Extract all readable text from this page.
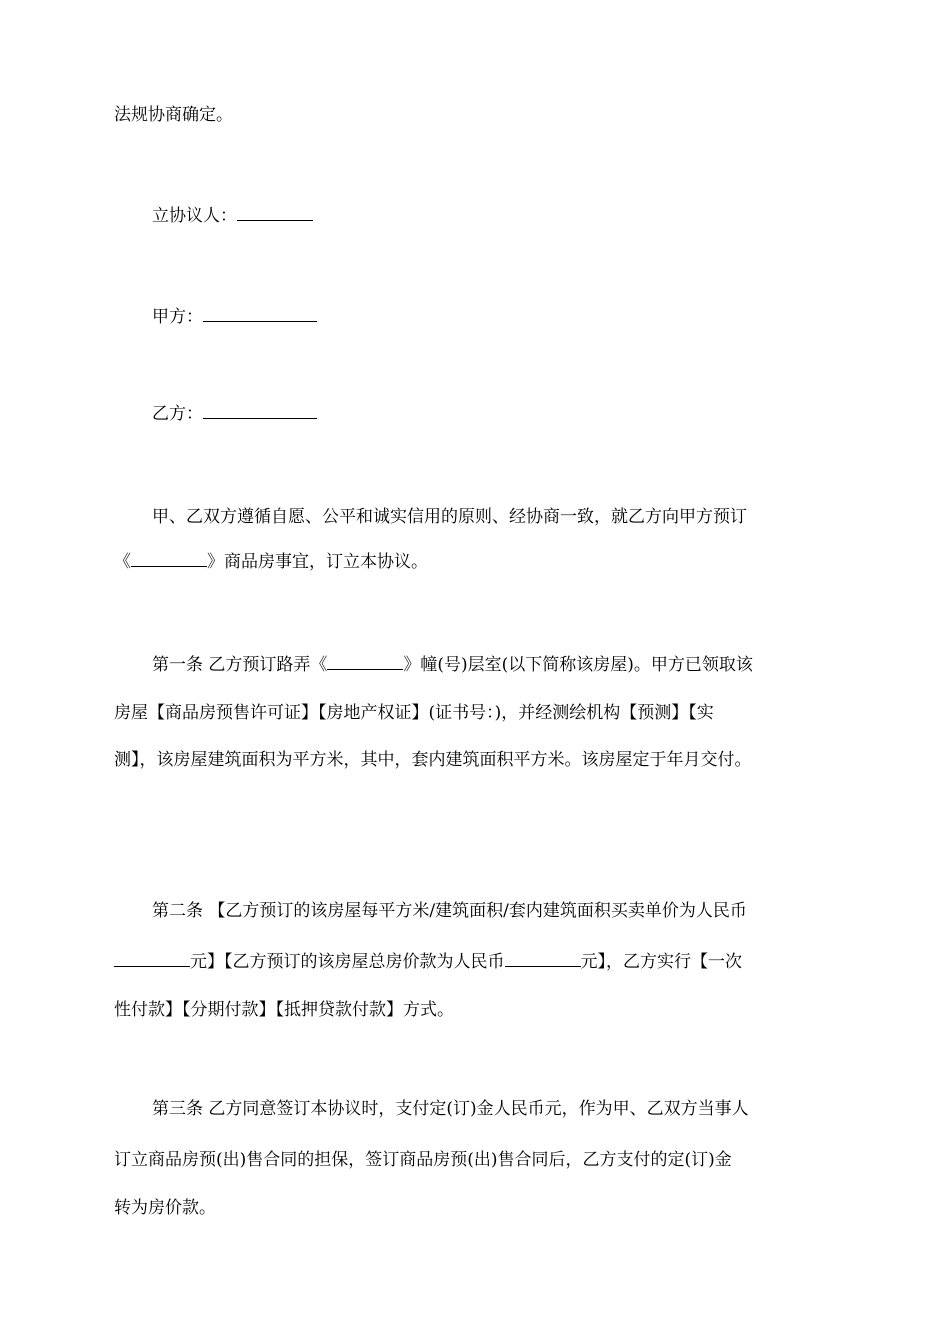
法规协商确定。
立协议人：
甲方：
乙方：
甲、乙双方遵循自愿、公平和诚实信用的原则、经协商一致，就乙方向甲方预订
《	》商品房事宜，订立本协议。
第一条 乙方预订路弄《	》幢(号)层室(以下简称该房屋)。甲方已领取该
房屋【商品房预售许可证】【房地产权证】(证书号：)，并经测绘机构【预测】【实
测】，该房屋建筑面积为平方米，其中，套内建筑面积平方米。该房屋定于年月交付。
第二条 【乙方预订的该房屋每平方米/建筑面积/套内建筑面积买卖单价为人民币
元】【乙方预订的该房屋总房价款为人民币	元】，乙方实行【一次
性付款】【分期付款】【抵押贷款付款】方式。
第三条 乙方同意签订本协议时，支付定(订)金人民币元，作为甲、乙双方当事人
订立商品房预(出)售合同的担保，签订商品房预(出)售合同后，乙方支付的定(订)金
转为房价款。
